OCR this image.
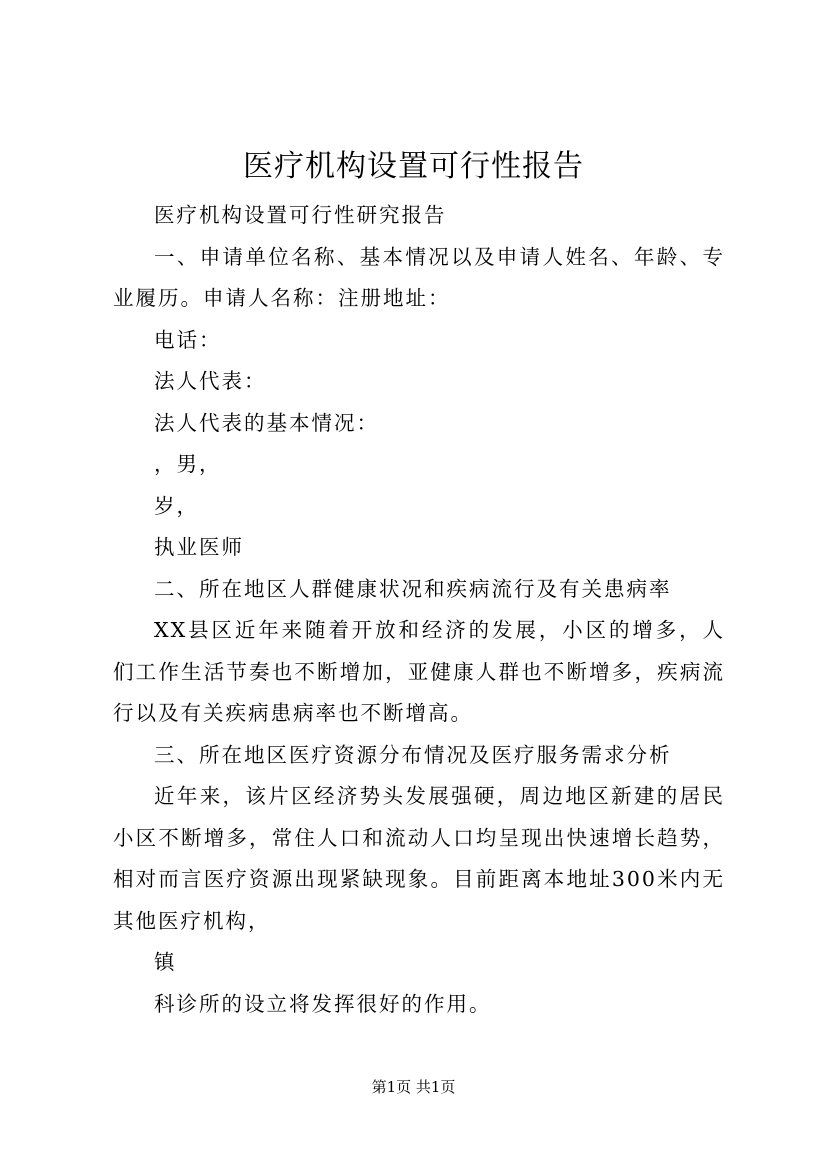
医疗机构设置可行性报告

医疗机构设置可行性研究报告

一、申请单位名称、基本情况以及申请人姓名、年龄、专业履历。申请人名称：注册地址：

电话：

法人代表：

法人代表的基本情况：

，男，

岁，

执业医师

二、所在地区人群健康状况和疾病流行及有关患病率

XX县区近年来随着开放和经济的发展，小区的增多，人们工作生活节奏也不断增加，亚健康人群也不断增多，疾病流行以及有关疾病患病率也不断增高。

三、所在地区医疗资源分布情况及医疗服务需求分析

近年来，该片区经济势头发展强硬，周边地区新建的居民小区不断增多，常住人口和流动人口均呈现出快速增长趋势，相对而言医疗资源出现紧缺现象。目前距离本地址300米内无其他医疗机构，

镇

科诊所的设立将发挥很好的作用。

第1页 共1页
